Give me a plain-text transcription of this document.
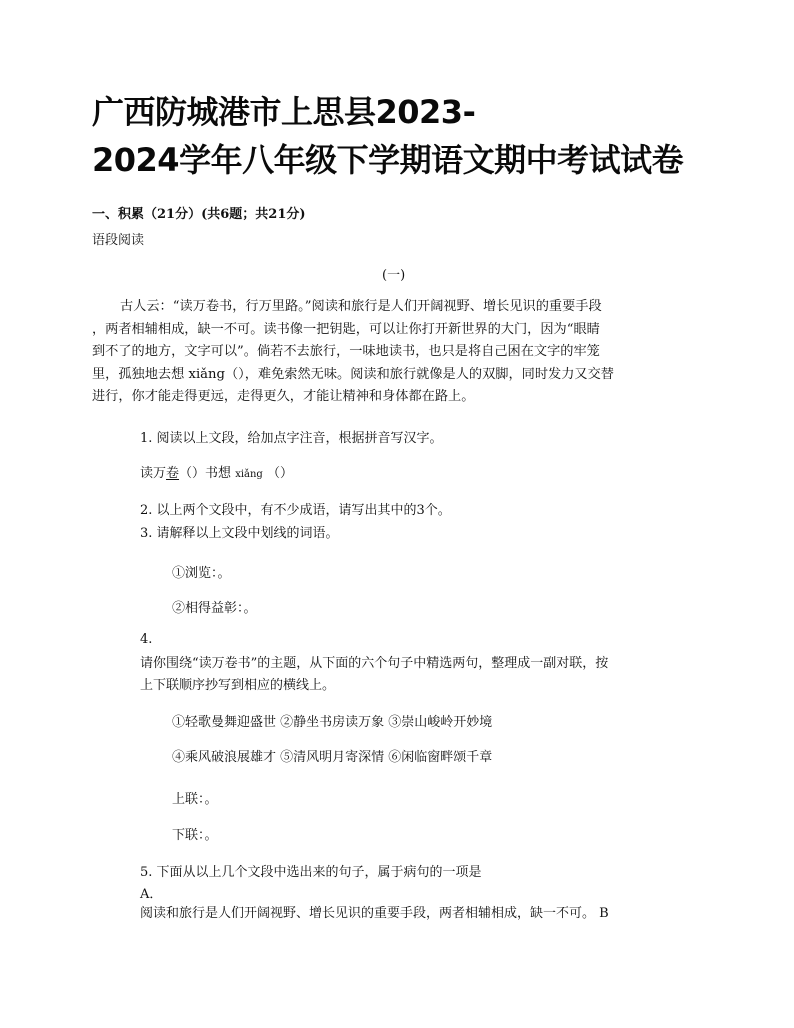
广西防城港市上思县2023-
2024学年八年级下学期语文期中考试试卷
一、积累（21分）(共6题；共21分)
语段阅读
(一)
古人云：“读万卷书，行万里路。”阅读和旅行是人们开阔视野、增长见识的重要手段
，两者相辅相成，缺一不可。读书像一把钥匙，可以让你打开新世界的大门，因为“眼睛
到不了的地方，文字可以”。倘若不去旅行，一味地读书，也只是将自己困在文字的牢笼
里，孤独地去想 xiǎng（），难免索然无味。阅读和旅行就像是人的双脚，同时发力又交替
进行，你才能走得更远，走得更久，才能让精神和身体都在路上。
1. 阅读以上文段，给加点字注音，根据拼音写汉字。
读万卷（）书想 xiǎng （）
2. 以上两个文段中，有不少成语，请写出其中的3个。
3. 请解释以上文段中划线的词语。
①浏览：。
②相得益彰：。
4.
请你围绕“读万卷书”的主题，从下面的六个句子中精选两句，整理成一副对联，按
上下联顺序抄写到相应的横线上。
①轻歌曼舞迎盛世 ②静坐书房读万象 ③崇山峻岭开妙境
④乘风破浪展雄才 ⑤清风明月寄深情 ⑥闲临窗畔颂千章
上联：。
下联：。
5. 下面从以上几个文段中选出来的句子，属于病句的一项是
A．
阅读和旅行是人们开阔视野、增长见识的重要手段，两者相辅相成，缺一不可。 B
